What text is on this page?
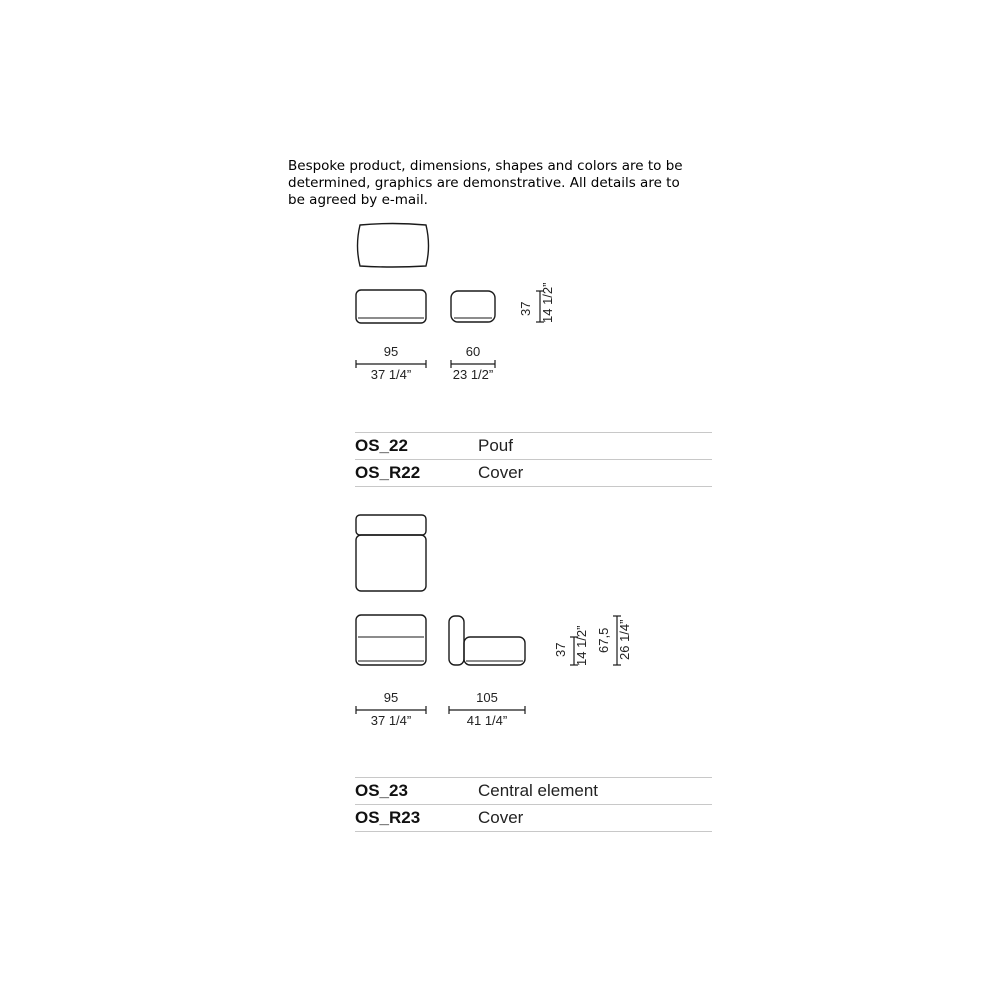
Bespoke product, dimensions, shapes and colors are to be
determined, graphics are demonstrative. All details are to
be agreed by e-mail.
95
37 1/4”
60
23 1/2”
37 14 1/2”
OS_22	Pouf
OS_R22	Cover
95
37 1/4”
105
41 1/4”
37 14 1/2” 67,5 26 1/4”
OS_23	Central element
OS_R23	Cover
